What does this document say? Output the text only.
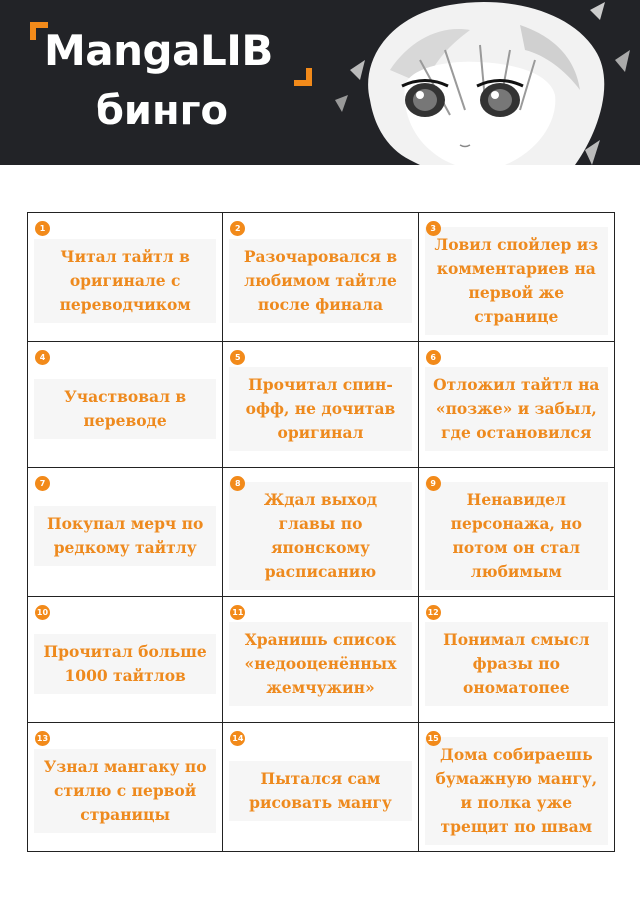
MangaLIB
бинго
1
Читал тайтл в оригинале с переводчиком
2
Разочаровался в любимом тайтле после финала
3
Ловил спойлер из комментариев на первой же странице
4
Участвовал в переводе
5
Прочитал спин-офф, не дочитав оригинал
6
Отложил тайтл на «позже» и забыл, где остановился
7
Покупал мерч по редкому тайтлу
8
Ждал выход главы по японскому расписанию
9
Ненавидел персонажа, но потом он стал любимым
10
Прочитал больше 1000 тайтлов
11
Хранишь список «недооценённых жемчужин»
12
Понимал смысл фразы по ономатопее
13
Узнал мангаку по стилю с первой страницы
14
Пытался сам рисовать мангу
15
Дома собираешь бумажную мангу, и полка уже трещит по швам
